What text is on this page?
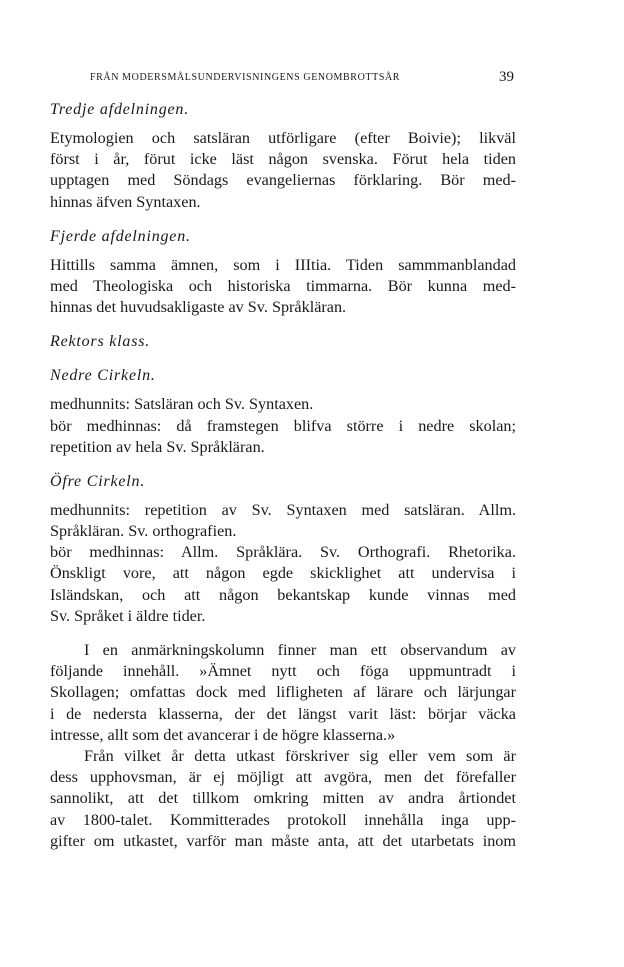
FRÅN MODERSMÅLSUNDERVISNINGENS GENOMBROTTSÅR	39
Tredje afdelningen.
Etymologien och satsläran utförligare (efter Boivie); likväl
först i år, förut icke läst någon svenska. Förut hela tiden
upptagen med Söndags evangeliernas förklaring. Bör med-
hinnas äfven Syntaxen.
Fjerde afdelningen.
Hittills samma ämnen, som i IIItia. Tiden sammmanblandad
med Theologiska och historiska timmarna. Bör kunna med-
hinnas det huvudsakligaste av Sv. Språkläran.
Rektors klass.
Nedre Cirkeln.
medhunnits: Satsläran och Sv. Syntaxen.
bör medhinnas: då framstegen blifva större i nedre skolan;
repetition av hela Sv. Språkläran.
Öfre Cirkeln.
medhunnits: repetition av Sv. Syntaxen med satsläran. Allm.
Språkläran. Sv. orthografien.
bör medhinnas: Allm. Språklära. Sv. Orthografi. Rhetorika.
Önskligt vore, att någon egde skicklighet att undervisa i
Isländskan, och att någon bekantskap kunde vinnas med
Sv. Språket i äldre tider.
I en anmärkningskolumn finner man ett observandum av
följande innehåll. »Ämnet nytt och föga uppmuntradt i
Skollagen; omfattas dock med lifligheten af lärare och lärjungar
i de nedersta klasserna, der det längst varit läst: börjar väcka
intresse, allt som det avancerar i de högre klasserna.»
Från vilket år detta utkast förskriver sig eller vem som är
dess upphovsman, är ej möjligt att avgöra, men det förefaller
sannolikt, att det tillkom omkring mitten av andra årtiondet
av 1800-talet. Kommitterades protokoll innehålla inga upp-
gifter om utkastet, varför man måste anta, att det utarbetats inom
